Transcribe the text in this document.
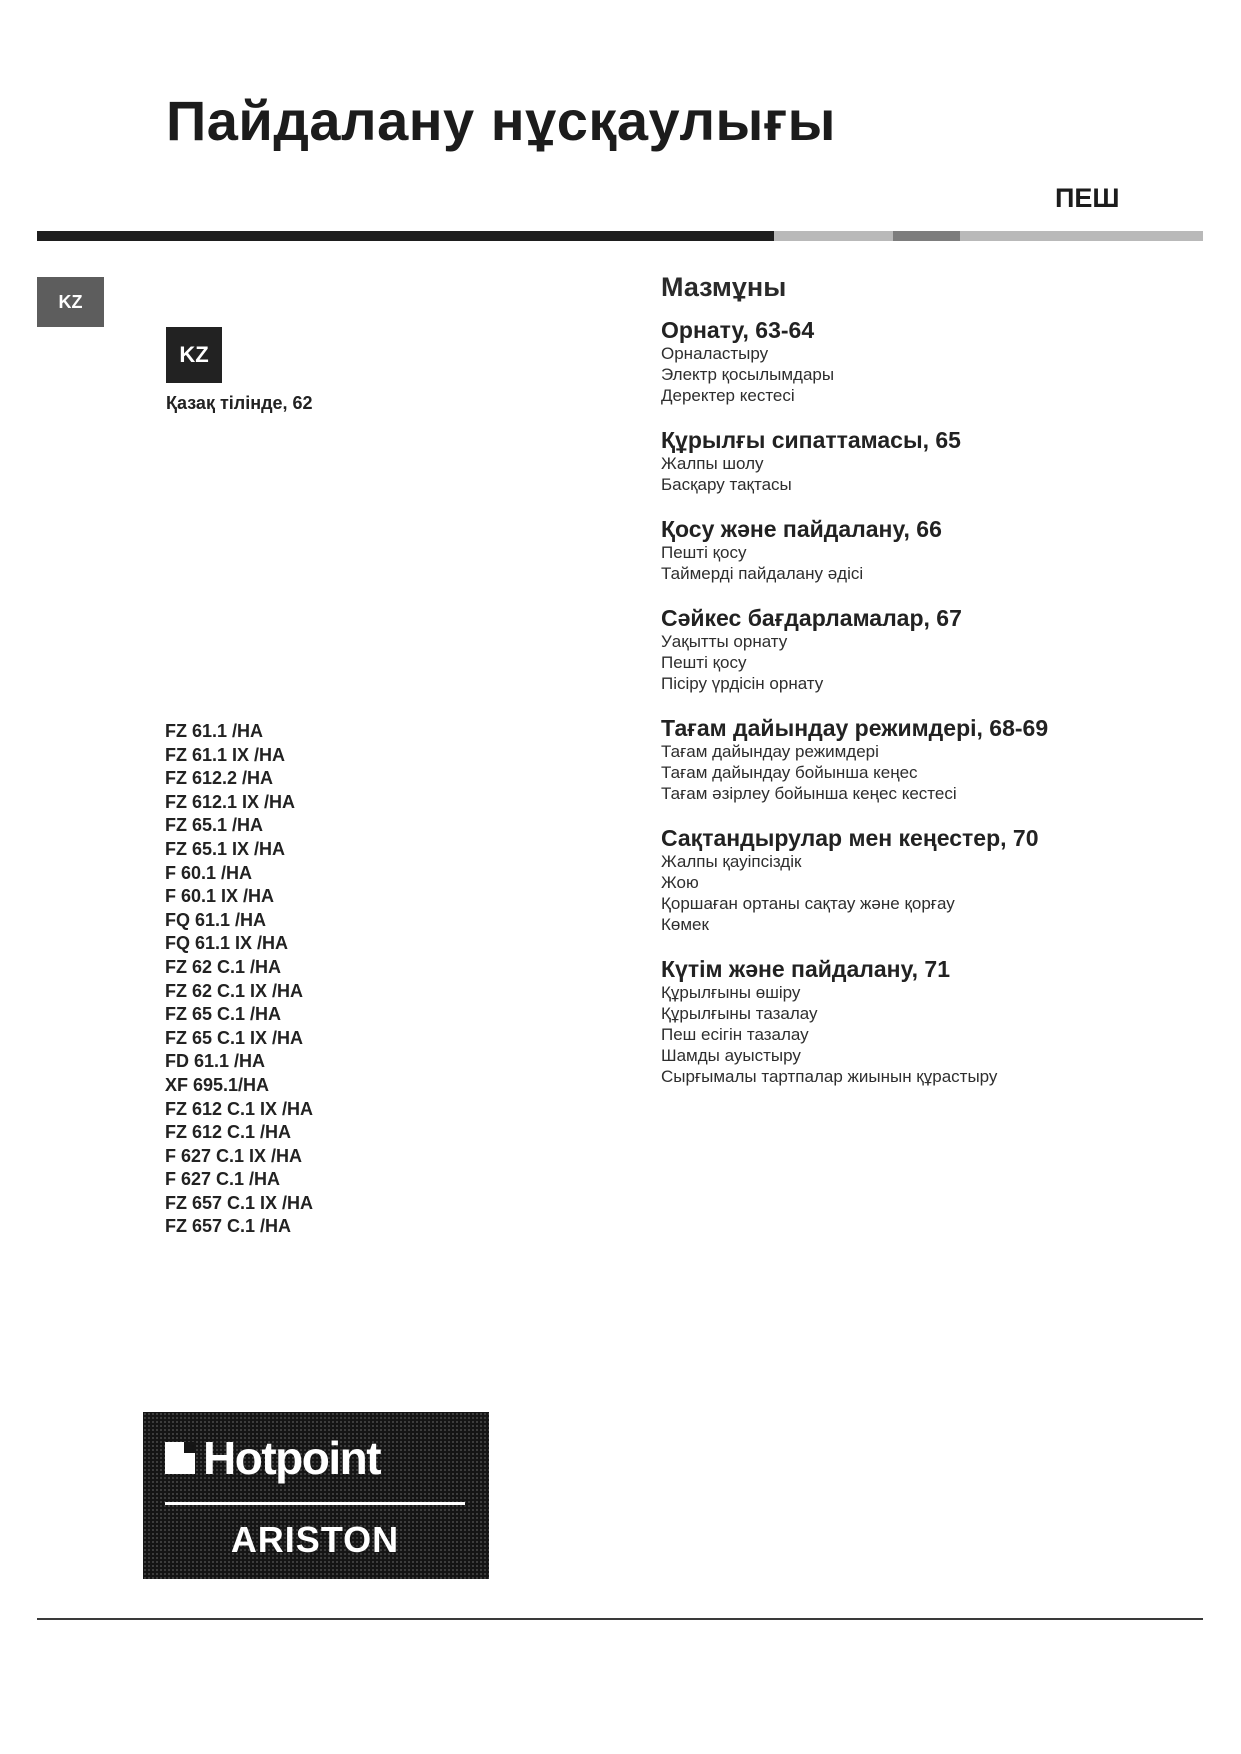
Пайдалану нұсқаулығы
ПЕШ
KZ
KZ
Қазақ тілінде, 62
Мазмұны
Орнату, 63-64
Орналастыру
Электр қосылымдары
Деректер кестесі
Құрылғы сипаттамасы, 65
Жалпы шолу
Басқару тақтасы
Қосу және пайдалану, 66
Пешті қосу
Таймерді пайдалану әдісі
Сәйкес бағдарламалар, 67
Уақытты орнату
Пешті қосу
Пісіру үрдісін орнату
Тағам дайындау режимдері, 68-69
Тағам дайындау режимдері
Тағам дайындау бойынша кеңес
Тағам әзірлеу бойынша кеңес кестесі
Сақтандырулар мен кеңестер, 70
Жалпы қауіпсіздік
Жою
Қоршаған ортаны сақтау және қорғау
Көмек
Күтім және пайдалану, 71
Құрылғыны өшіру
Құрылғыны тазалау
Пеш есігін тазалау
Шамды ауыстыру
Сырғымалы тартпалар жиынын құрастыру
FZ 61.1 /HA
FZ 61.1 IX /HA
FZ 612.2 /HA
FZ 612.1 IX /HA
FZ 65.1 /HA
FZ 65.1 IX /HA
F 60.1 /HA
F 60.1 IX /HA
FQ 61.1 /HA
FQ 61.1 IX /HA
FZ 62 C.1 /HA
FZ 62 C.1 IX /HA
FZ 65 C.1 /HA
FZ 65 C.1 IX /HA
FD 61.1 /HA
XF 695.1/HA
FZ 612 C.1 IX /HA
FZ 612 C.1 /HA
F 627 C.1 IX /HA
F 627 C.1 /HA
FZ 657 C.1 IX /HA
FZ 657 C.1 /HA
Hotpoint
ARISTON
